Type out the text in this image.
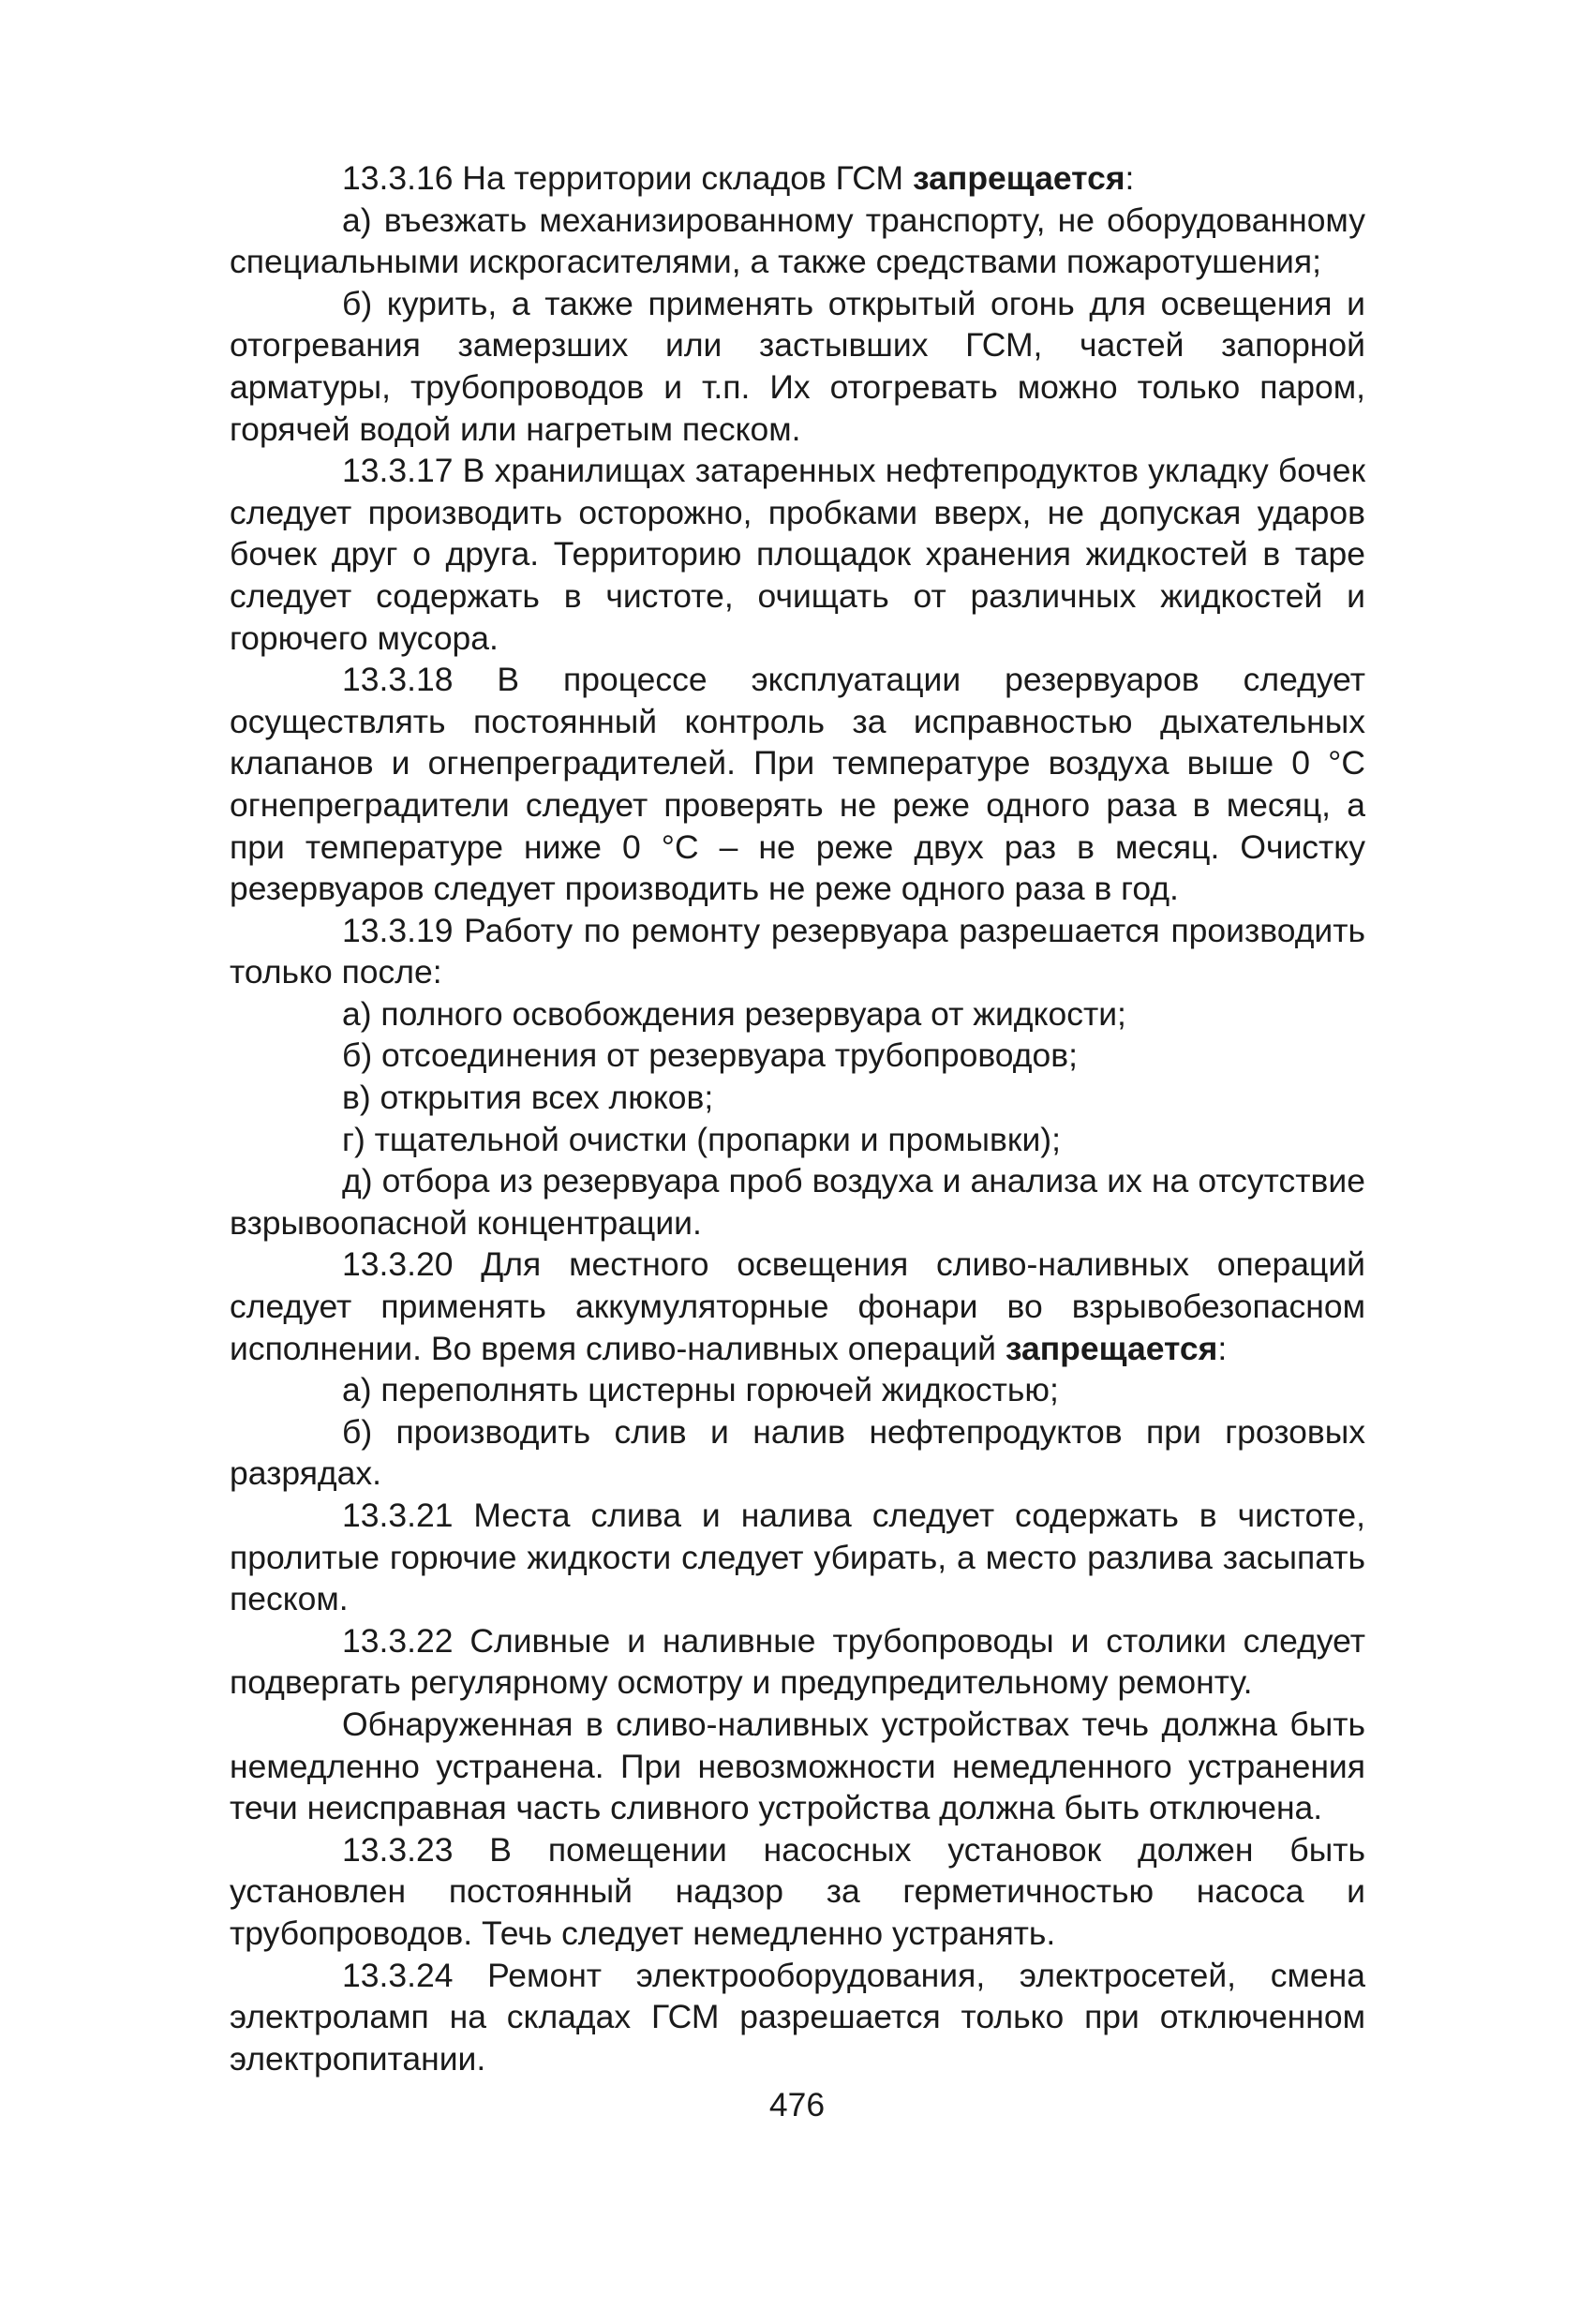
13.3.16 На территории складов ГСМ запрещается:

а) въезжать механизированному транспорту, не оборудованному специальными искрогасителями, а также средствами пожаротушения;

б) курить, а также применять открытый огонь для освещения и отогревания замерзших или застывших ГСМ, частей запорной арматуры, трубопроводов и т.п. Их отогревать можно только паром, горячей водой или нагретым песком.

13.3.17 В хранилищах затаренных нефтепродуктов укладку бочек следует производить осторожно, пробками вверх, не допуская ударов бочек друг о друга. Территорию площадок хранения жидкостей в таре следует содержать в чистоте, очищать от различных жидкостей и горючего мусора.

13.3.18 В процессе эксплуатации резервуаров следует осуществлять постоянный контроль за исправностью дыхательных клапанов и огнепреградителей. При температуре воздуха выше 0 °С огнепреградители следует проверять не реже одного раза в месяц, а при температуре ниже 0 °С – не реже двух раз в месяц. Очистку резервуаров следует производить не реже одного раза в год.

13.3.19 Работу по ремонту резервуара разрешается производить только после:

а) полного освобождения резервуара от жидкости;

б) отсоединения от резервуара трубопроводов;

в) открытия всех люков;

г) тщательной очистки (пропарки и промывки);

д) отбора из резервуара проб воздуха и анализа их на отсутствие взрывоопасной концентрации.

13.3.20 Для местного освещения сливо-наливных операций следует применять аккумуляторные фонари во взрывобезопасном исполнении. Во время сливо-наливных операций запрещается:

а) переполнять цистерны горючей жидкостью;

б) производить слив и налив нефтепродуктов при грозовых разрядах.

13.3.21 Места слива и налива следует содержать в чистоте, пролитые горючие жидкости следует убирать, а место разлива засыпать песком.

13.3.22 Сливные и наливные трубопроводы и столики следует подвергать регулярному осмотру и предупредительному ремонту.

Обнаруженная в сливо-наливных устройствах течь должна быть немедленно устранена. При невозможности немедленного устранения течи неисправная часть сливного устройства должна быть отключена.

13.3.23 В помещении насосных установок должен быть установлен постоянный надзор за герметичностью насоса и трубопроводов. Течь следует немедленно устранять.

13.3.24 Ремонт электрооборудования, электросетей, смена электроламп на складах ГСМ разрешается только при отключенном электропитании.

476
